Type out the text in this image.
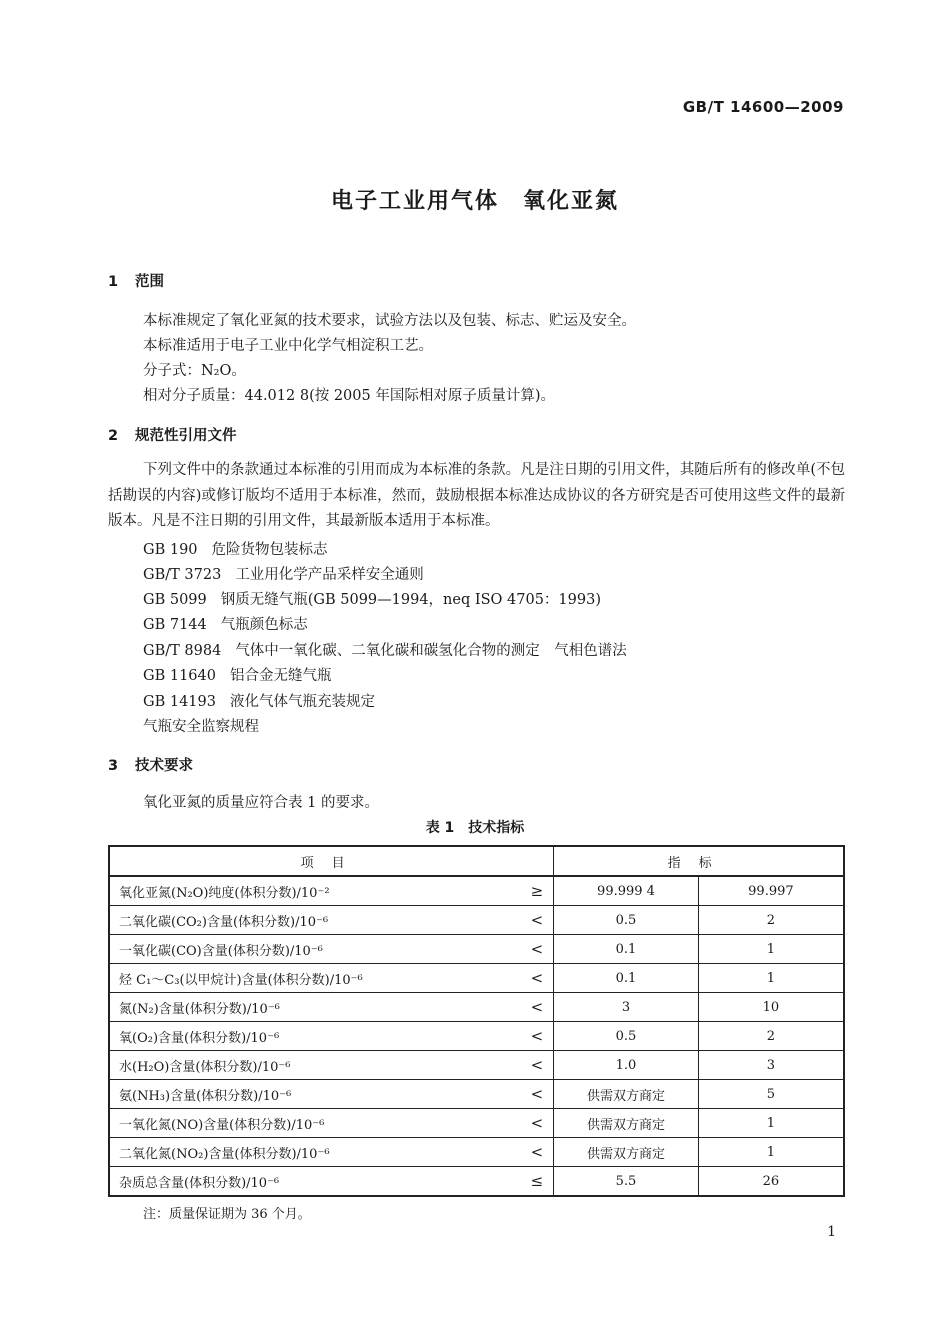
GB/T 14600—2009
电子工业用气体　氧化亚氮
1 范围
本标准规定了氧化亚氮的技术要求，试验方法以及包装、标志、贮运及安全。
本标准适用于电子工业中化学气相淀积工艺。
分子式：N₂O。
相对分子质量：44.012 8(按 2005 年国际相对原子质量计算)。
2 规范性引用文件
下列文件中的条款通过本标准的引用而成为本标准的条款。凡是注日期的引用文件，其随后所有的修改单(不包括勘误的内容)或修订版均不适用于本标准，然而，鼓励根据本标准达成协议的各方研究是否可使用这些文件的最新版本。凡是不注日期的引用文件，其最新版本适用于本标准。
GB 190 危险货物包装标志
GB/T 3723 工业用化学产品采样安全通则
GB 5099 钢质无缝气瓶(GB 5099—1994，neq ISO 4705：1993)
GB 7144 气瓶颜色标志
GB/T 8984 气体中一氧化碳、二氧化碳和碳氢化合物的测定　气相色谱法
GB 11640 铝合金无缝气瓶
GB 14193 液化气体气瓶充装规定
气瓶安全监察规程
3 技术要求
氧化亚氮的质量应符合表 1 的要求。
表 1　技术指标
项目	指标	
氧化亚氮(N₂O)纯度(体积分数)/10⁻² ≥	99.999 4	99.997
二氧化碳(CO₂)含量(体积分数)/10⁻⁶ <	0.5	2
一氧化碳(CO)含量(体积分数)/10⁻⁶ <	0.1	1
烃 C₁～C₃(以甲烷计)含量(体积分数)/10⁻⁶ <	0.1	1
氮(N₂)含量(体积分数)/10⁻⁶ <	3	10
氧(O₂)含量(体积分数)/10⁻⁶ <	0.5	2
水(H₂O)含量(体积分数)/10⁻⁶ <	1.0	3
氨(NH₃)含量(体积分数)/10⁻⁶ <	供需双方商定	5
一氧化氮(NO)含量(体积分数)/10⁻⁶ <	供需双方商定	1
二氧化氮(NO₂)含量(体积分数)/10⁻⁶ <	供需双方商定	1
杂质总含量(体积分数)/10⁻⁶ ≤	5.5	26
注：质量保证期为 36 个月。
1
